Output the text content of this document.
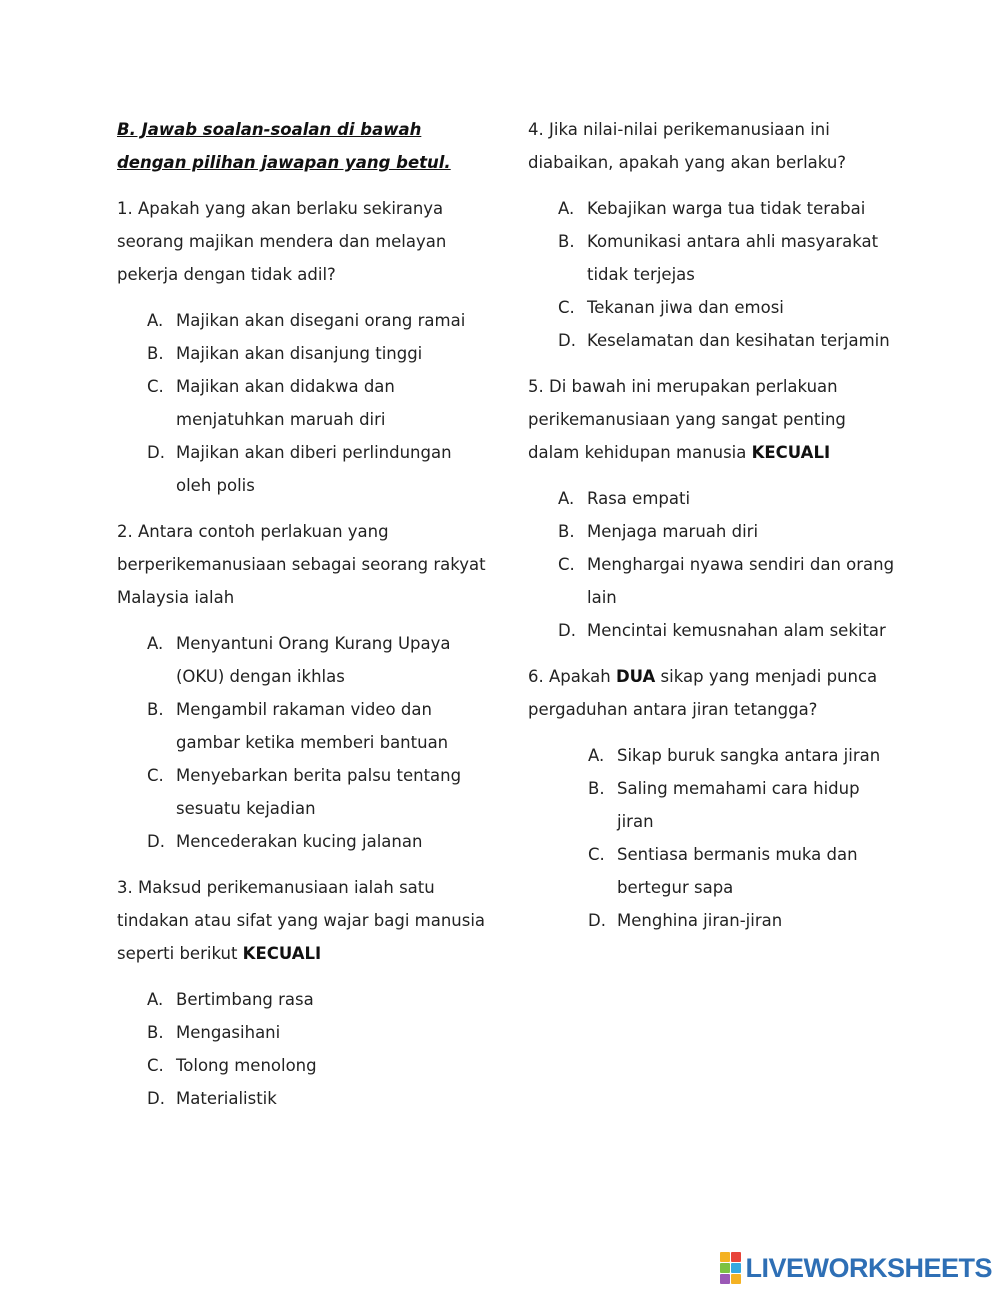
B. Jawab soalan-soalan di bawah
dengan pilihan jawapan yang betul.
1. Apakah yang akan berlaku sekiranya seorang majikan mendera dan melayan pekerja dengan tidak adil?
A. Majikan akan disegani orang ramai
B. Majikan akan disanjung tinggi
C. Majikan akan didakwa dan menjatuhkan maruah diri
D. Majikan akan diberi perlindungan oleh polis
2. Antara contoh perlakuan yang berperikemanusiaan sebagai seorang rakyat Malaysia ialah
A. Menyantuni Orang Kurang Upaya (OKU) dengan ikhlas
B. Mengambil rakaman video dan gambar ketika memberi bantuan
C. Menyebarkan berita palsu tentang sesuatu kejadian
D. Mencederakan kucing jalanan
3. Maksud perikemanusiaan ialah satu tindakan atau sifat yang wajar bagi manusia seperti berikut KECUALI
A. Bertimbang rasa
B. Mengasihani
C. Tolong menolong
D. Materialistik
4. Jika nilai-nilai perikemanusiaan ini diabaikan, apakah yang akan berlaku?
A. Kebajikan warga tua tidak terabai
B. Komunikasi antara ahli masyarakat tidak terjejas
C. Tekanan jiwa dan emosi
D. Keselamatan dan kesihatan terjamin
5. Di bawah ini merupakan perlakuan perikemanusiaan yang sangat penting dalam kehidupan manusia KECUALI
A. Rasa empati
B. Menjaga maruah diri
C. Menghargai nyawa sendiri dan orang lain
D. Mencintai kemusnahan alam sekitar
6. Apakah DUA sikap yang menjadi punca pergaduhan antara jiran tetangga?
A. Sikap buruk sangka antara jiran
B. Saling memahami cara hidup jiran
C. Sentiasa bermanis muka dan bertegur sapa
D. Menghina jiran-jiran
LIVEWORKSHEETS
